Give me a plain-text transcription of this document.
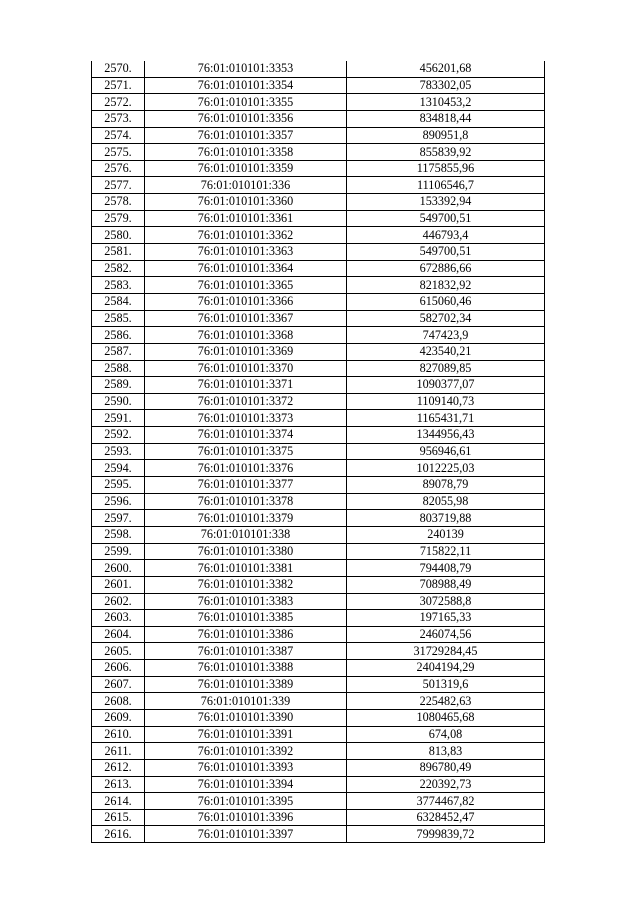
2570.	76:01:010101:3353	456201,68
2571.	76:01:010101:3354	783302,05
2572.	76:01:010101:3355	1310453,2
2573.	76:01:010101:3356	834818,44
2574.	76:01:010101:3357	890951,8
2575.	76:01:010101:3358	855839,92
2576.	76:01:010101:3359	1175855,96
2577.	76:01:010101:336	11106546,7
2578.	76:01:010101:3360	153392,94
2579.	76:01:010101:3361	549700,51
2580.	76:01:010101:3362	446793,4
2581.	76:01:010101:3363	549700,51
2582.	76:01:010101:3364	672886,66
2583.	76:01:010101:3365	821832,92
2584.	76:01:010101:3366	615060,46
2585.	76:01:010101:3367	582702,34
2586.	76:01:010101:3368	747423,9
2587.	76:01:010101:3369	423540,21
2588.	76:01:010101:3370	827089,85
2589.	76:01:010101:3371	1090377,07
2590.	76:01:010101:3372	1109140,73
2591.	76:01:010101:3373	1165431,71
2592.	76:01:010101:3374	1344956,43
2593.	76:01:010101:3375	956946,61
2594.	76:01:010101:3376	1012225,03
2595.	76:01:010101:3377	89078,79
2596.	76:01:010101:3378	82055,98
2597.	76:01:010101:3379	803719,88
2598.	76:01:010101:338	240139
2599.	76:01:010101:3380	715822,11
2600.	76:01:010101:3381	794408,79
2601.	76:01:010101:3382	708988,49
2602.	76:01:010101:3383	3072588,8
2603.	76:01:010101:3385	197165,33
2604.	76:01:010101:3386	246074,56
2605.	76:01:010101:3387	31729284,45
2606.	76:01:010101:3388	2404194,29
2607.	76:01:010101:3389	501319,6
2608.	76:01:010101:339	225482,63
2609.	76:01:010101:3390	1080465,68
2610.	76:01:010101:3391	674,08
2611.	76:01:010101:3392	813,83
2612.	76:01:010101:3393	896780,49
2613.	76:01:010101:3394	220392,73
2614.	76:01:010101:3395	3774467,82
2615.	76:01:010101:3396	6328452,47
2616.	76:01:010101:3397	7999839,72
